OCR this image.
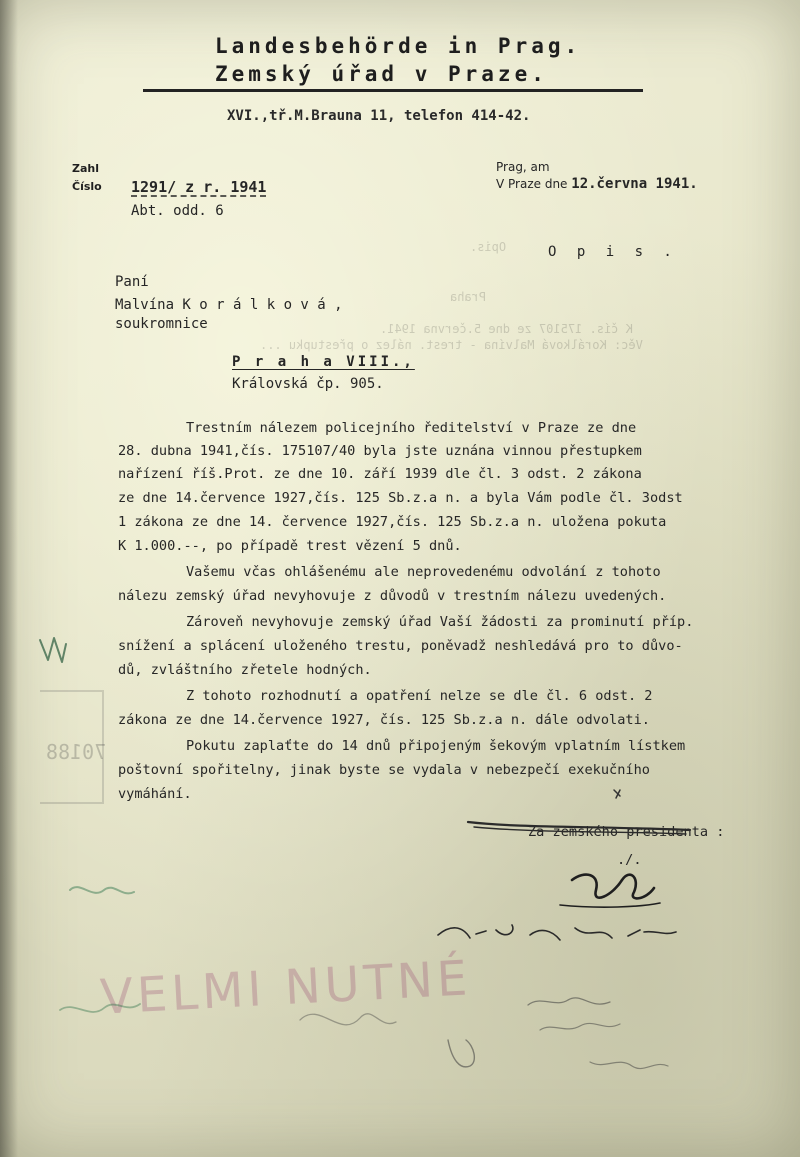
Opis.
Praha
K čís. 175107 ze dne 5.června 1941.
Věc: Korálková Malvína - trest. nález o přestupku ...
70188
VELMI NUTNÉ
Landesbehörde in Prag.
Zemský úřad v Praze.
XVI.,tř.M.Brauna 11, telefon 414-42.
Zahl
Číslo 1291/ z r. 1941
Abt. odd. 6
Prag, am
V Praze dne 12.června 1941.
O p i s .
Paní
Malvína K o r á l k o v á ,
soukromnice
P r a h a VIII.,
Královská čp. 905.
Trestním nálezem policejního ředitelství v Praze ze dne
28. dubna 1941,čís. 175107/40 byla jste uznána vinnou přestupkem
nařízení říš.Prot. ze dne 10. září 1939 dle čl. 3 odst. 2 zákona
ze dne 14.července 1927,čís. 125 Sb.z.a n. a byla Vám podle čl. 3odst
1 zákona ze dne 14. července 1927,čís. 125 Sb.z.a n. uložena pokuta
K 1.000.--, po případě trest vězení 5 dnů.
Vašemu včas ohlášenému ale neprovedenému odvolání z tohoto
nálezu zemský úřad nevyhovuje z důvodů v trestním nálezu uvedených.
Zároveň nevyhovuje zemský úřad Vaší žádosti za prominutí příp.
snížení a splácení uloženého trestu, poněvadž neshledává pro to důvo-
dů, zvláštního zřetele hodných.
Z tohoto rozhodnutí a opatření nelze se dle čl. 6 odst. 2
zákona ze dne 14.července 1927, čís. 125 Sb.z.a n. dále odvolati.
Pokutu zaplaťte do 14 dnů připojeným šekovým vplatním lístkem
poštovní spořitelny, jinak byste se vydala v nebezpečí exekučního
vymáhání.
Za zemského presidenta :
./.
